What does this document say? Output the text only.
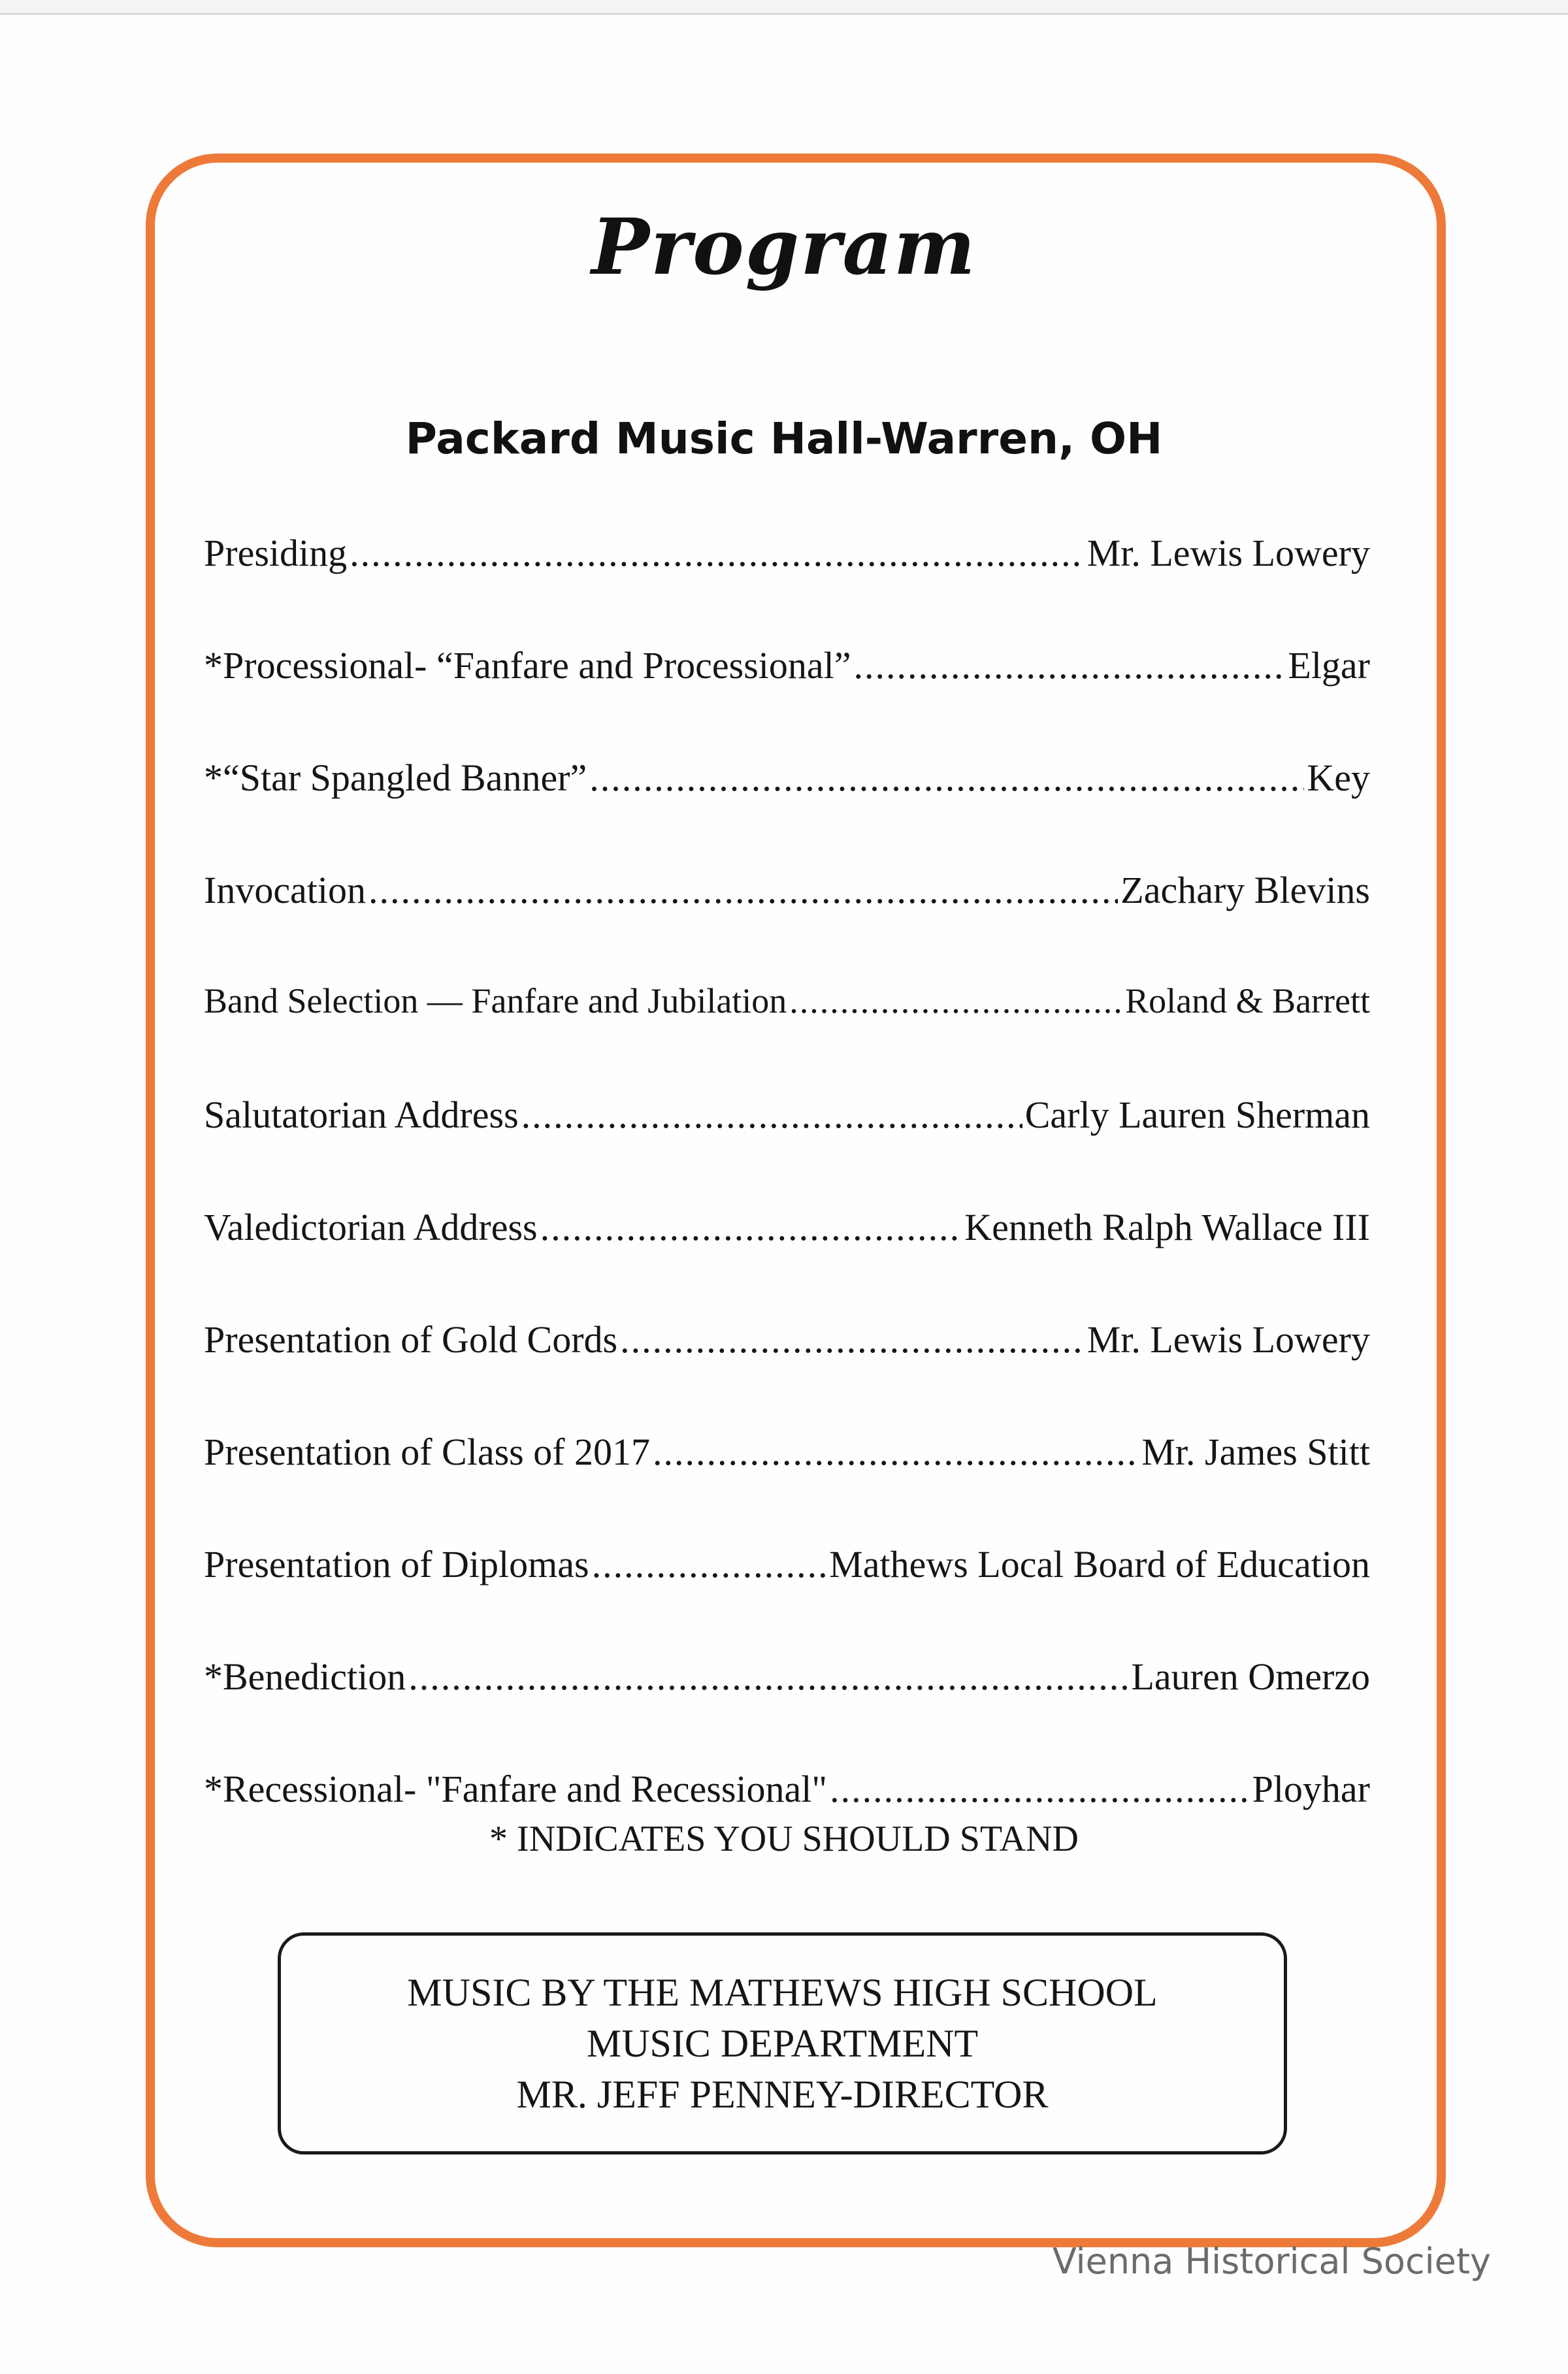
Program
Packard Music Hall-Warren, OH
Presiding .....	Mr. Lewis Lowery
*Processional- “Fanfare and Processional” .....	Elgar
*“Star Spangled Banner” .....	Key
Invocation .....	Zachary Blevins
Band Selection — Fanfare and Jubilation .....	Roland & Barrett
Salutatorian Address .....	Carly Lauren Sherman
Valedictorian Address .....	Kenneth Ralph Wallace III
Presentation of Gold Cords .....	Mr. Lewis Lowery
Presentation of Class of 2017 .....	Mr. James Stitt
Presentation of Diplomas .....	Mathews Local Board of Education
*Benediction .....	Lauren Omerzo
*Recessional- "Fanfare and Recessional" .....	Ployhar
* INDICATES YOU SHOULD STAND
MUSIC BY THE MATHEWS HIGH SCHOOL
MUSIC DEPARTMENT
MR. JEFF PENNEY-DIRECTOR
Vienna Historical Society
